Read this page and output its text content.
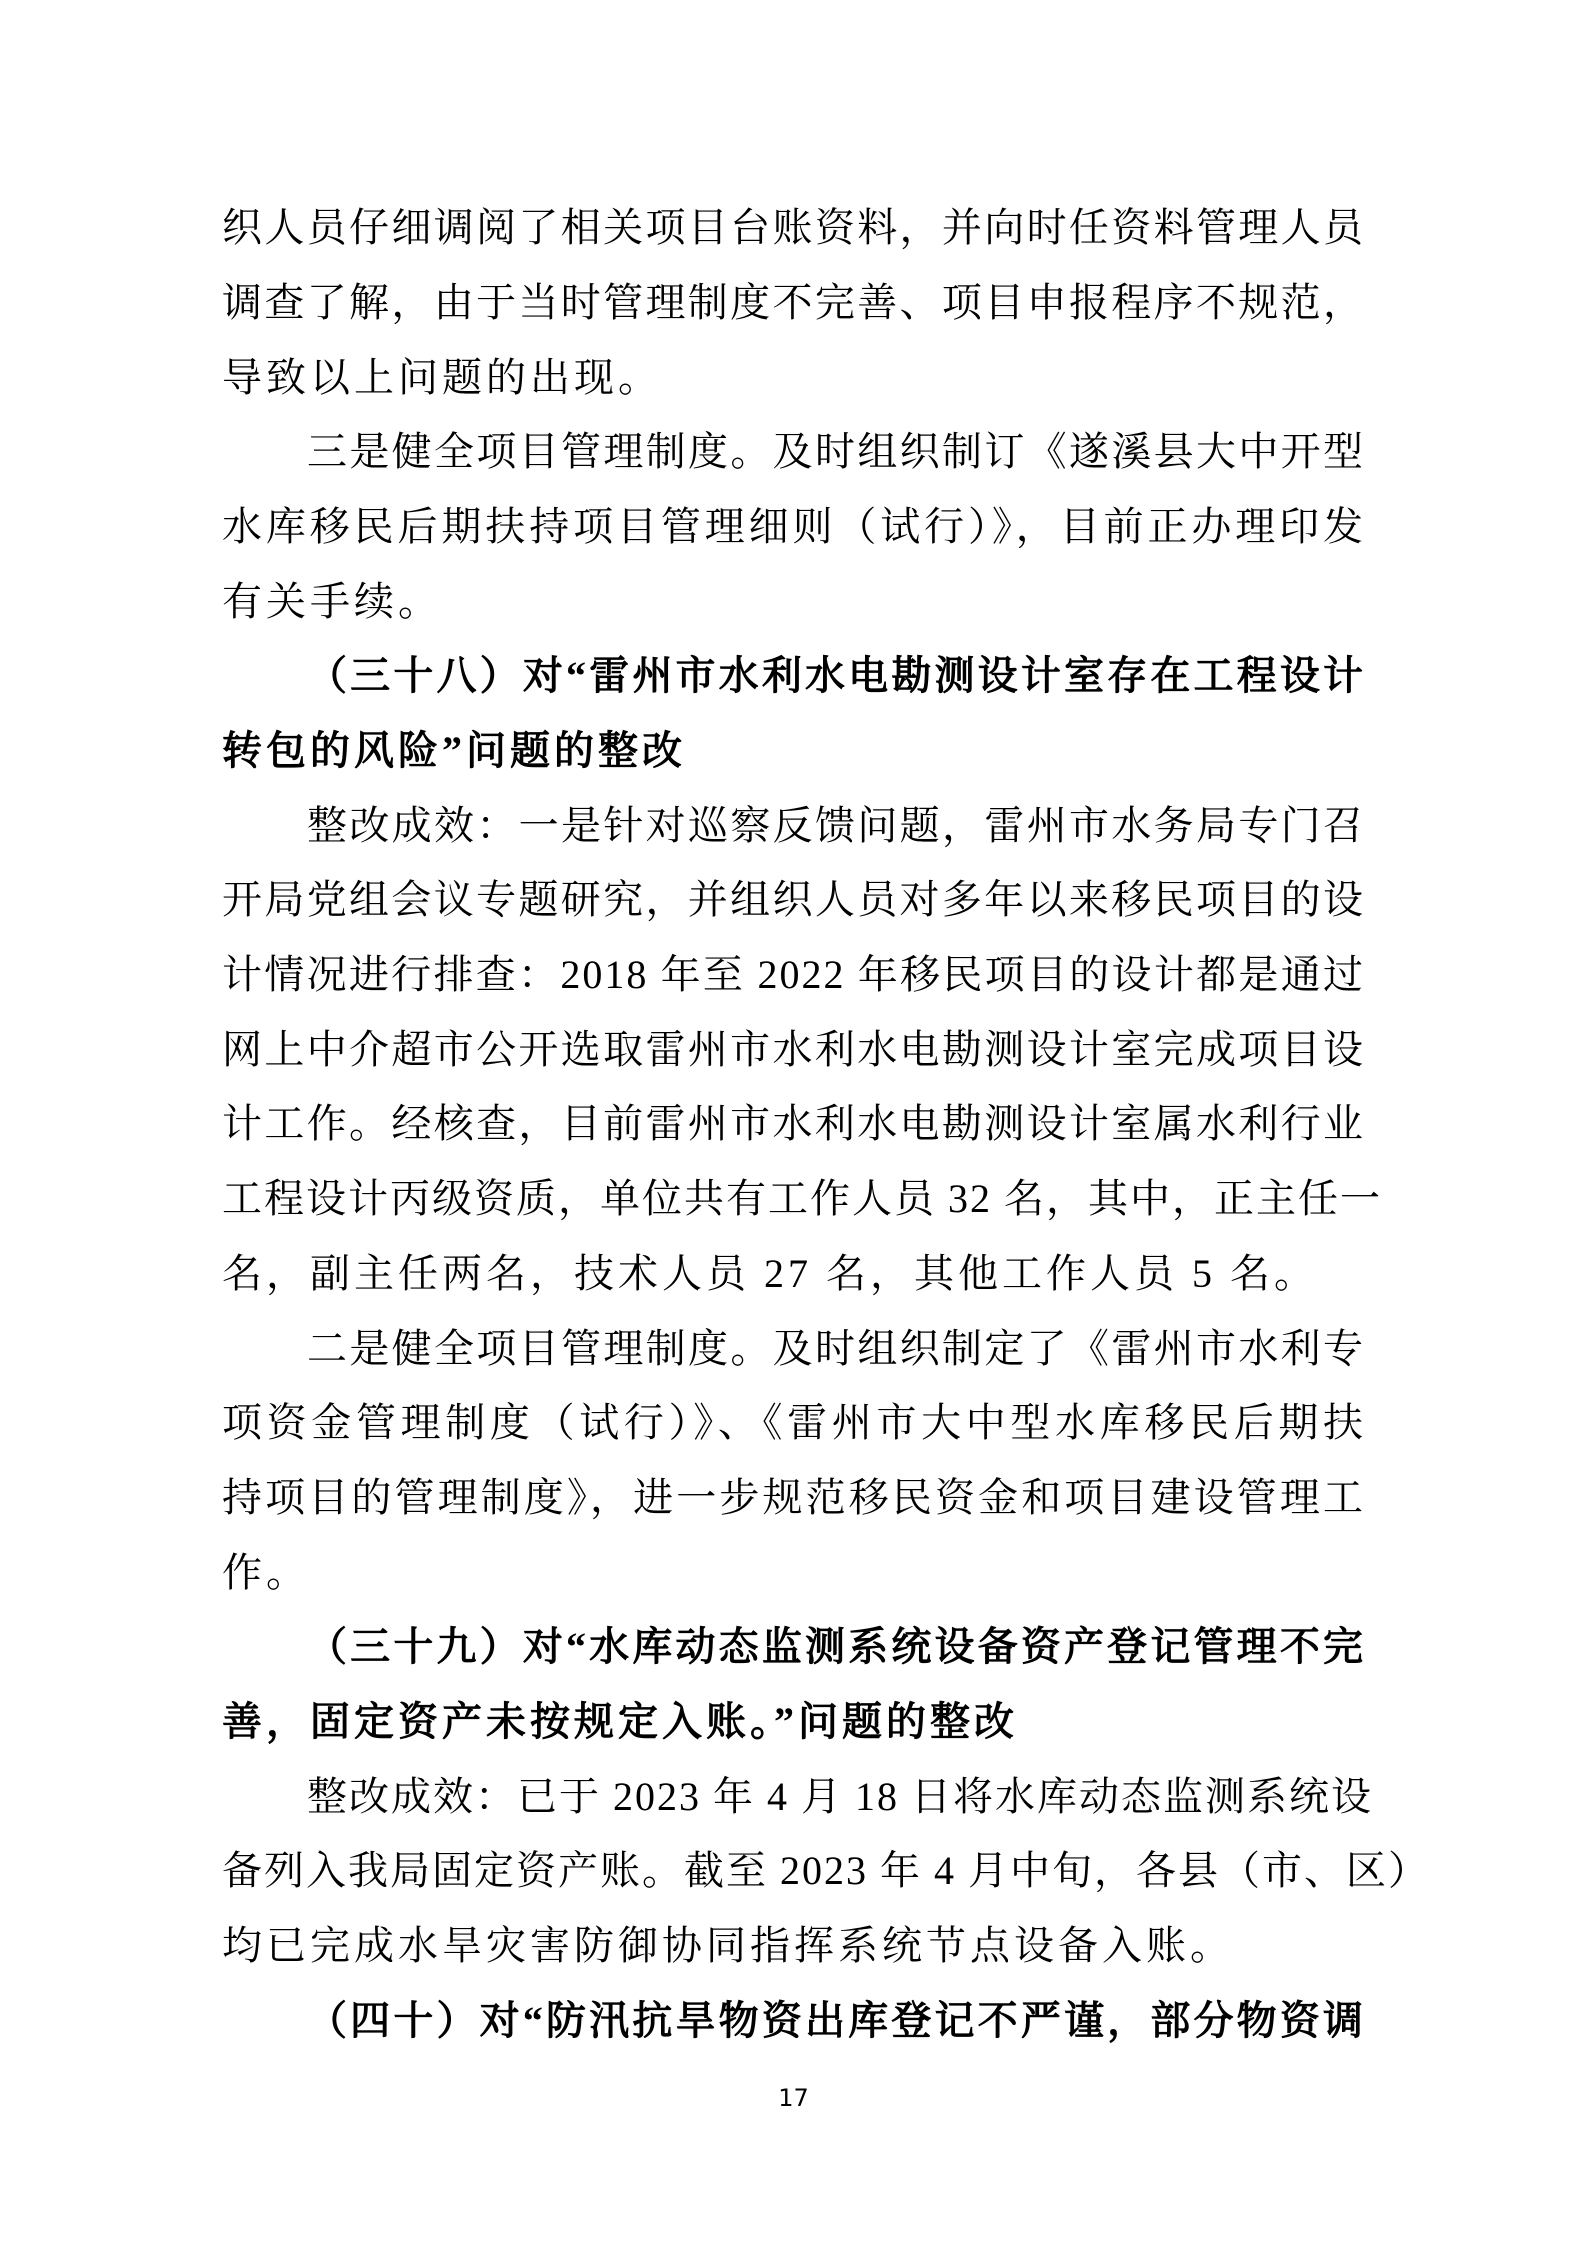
织人员仔细调阅了相关项目台账资料，并向时任资料管理人员
调查了解，由于当时管理制度不完善、项目申报程序不规范，
导致以上问题的出现。
三是健全项目管理制度。及时组织制订《遂溪县大中开型
水库移民后期扶持项目管理细则（试行）》，目前正办理印发
有关手续。
（三十八）对“雷州市水利水电勘测设计室存在工程设计
转包的风险”问题的整改
整改成效：一是针对巡察反馈问题，雷州市水务局专门召
开局党组会议专题研究，并组织人员对多年以来移民项目的设
计情况进行排查：2018 年至 2022 年移民项目的设计都是通过
网上中介超市公开选取雷州市水利水电勘测设计室完成项目设
计工作。经核查，目前雷州市水利水电勘测设计室属水利行业
工程设计丙级资质，单位共有工作人员 32 名，其中，正主任一
名，副主任两名，技术人员 27 名，其他工作人员 5 名。
二是健全项目管理制度。及时组织制定了《雷州市水利专
项资金管理制度（试行）》、《雷州市大中型水库移民后期扶
持项目的管理制度》，进一步规范移民资金和项目建设管理工
作。
（三十九）对“水库动态监测系统设备资产登记管理不完
善，固定资产未按规定入账。”问题的整改
整改成效：已于 2023 年 4 月 18 日将水库动态监测系统设
备列入我局固定资产账。截至 2023 年 4 月中旬，各县（市、区）
均已完成水旱灾害防御协同指挥系统节点设备入账。
（四十）对“防汛抗旱物资出库登记不严谨，部分物资调
17
